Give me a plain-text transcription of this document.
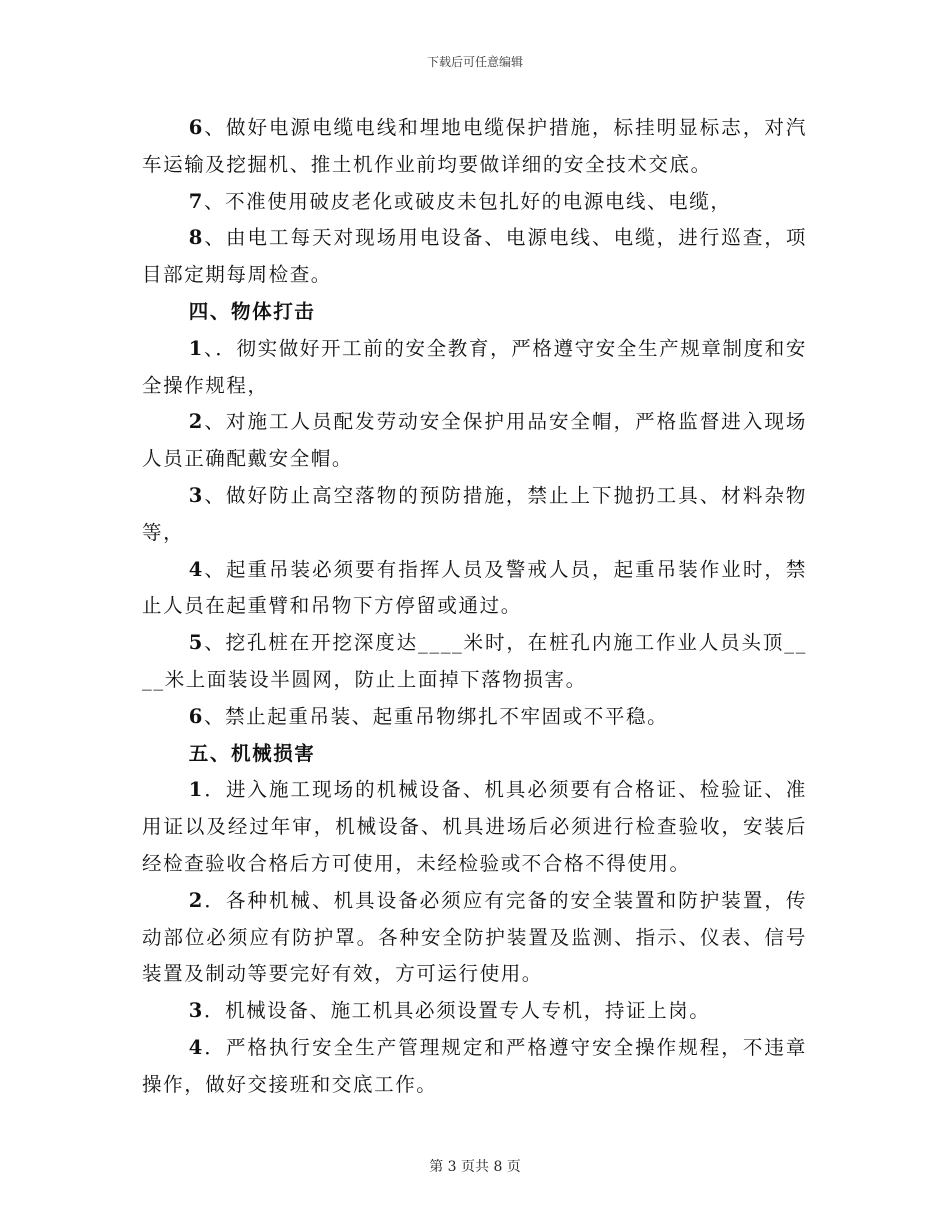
下载后可任意编辑

6、做好电源电缆电线和埋地电缆保护措施，标挂明显标志，对汽车运输及挖掘机、推土机作业前均要做详细的安全技术交底。

7、不准使用破皮老化或破皮未包扎好的电源电线、电缆，

8、由电工每天对现场用电设备、电源电线、电缆，进行巡查，项目部定期每周检查。

四、物体打击

1、．彻实做好开工前的安全教育，严格遵守安全生产规章制度和安全操作规程，

2、对施工人员配发劳动安全保护用品安全帽，严格监督进入现场人员正确配戴安全帽。

3、做好防止高空落物的预防措施，禁止上下抛扔工具、材料杂物等，

4、起重吊装必须要有指挥人员及警戒人员，起重吊装作业时，禁止人员在起重臂和吊物下方停留或通过。

5、挖孔桩在开挖深度达____米时，在桩孔内施工作业人员头顶____米上面装设半圆网，防止上面掉下落物损害。

6、禁止起重吊装、起重吊物绑扎不牢固或不平稳。

五、机械损害

1．进入施工现场的机械设备、机具必须要有合格证、检验证、准用证以及经过年审，机械设备、机具进场后必须进行检查验收，安装后经检查验收合格后方可使用，未经检验或不合格不得使用。

2．各种机械、机具设备必须应有完备的安全装置和防护装置，传动部位必须应有防护罩。各种安全防护装置及监测、指示、仪表、信号装置及制动等要完好有效，方可运行使用。

3．机械设备、施工机具必须设置专人专机，持证上岗。

4．严格执行安全生产管理规定和严格遵守安全操作规程，不违章操作，做好交接班和交底工作。

第 3 页共 8 页
